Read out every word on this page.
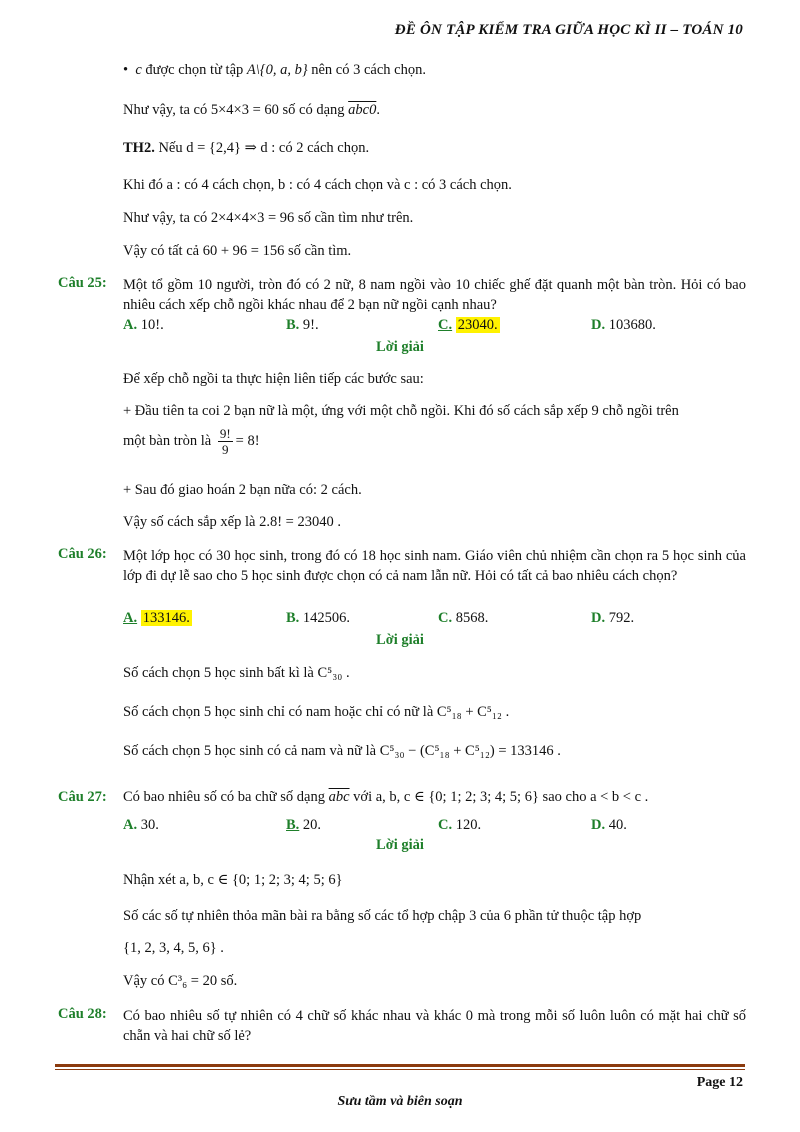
ĐỀ ÔN TẬP KIỂM TRA GIỮA HỌC KÌ II – TOÁN 10
•  c được chọn từ tập A\{0, a, b} nên có 3 cách chọn.
Như vậy, ta có 5×4×3 = 60 số có dạng abc0.
TH2. Nếu d = {2,4} ⇒ d : có 2 cách chọn.
Khi đó a : có 4 cách chọn, b : có 4 cách chọn và c : có 3 cách chọn.
Như vậy, ta có 2×4×4×3 = 96 số cần tìm như trên.
Vậy có tất cả 60 + 96 = 156 số cần tìm.
Câu 25: Một tổ gồm 10 người, tròn đó có 2 nữ, 8 nam ngồi vào 10 chiếc ghế đặt quanh một bàn tròn. Hỏi có bao nhiêu cách xếp chỗ ngồi khác nhau để 2 bạn nữ ngồi cạnh nhau?
A. 10!.	B. 9!.	C. 23040.	D. 103680.
Lời giải
Để xếp chỗ ngồi ta thực hiện liên tiếp các bước sau:
+ Đầu tiên ta coi 2 bạn nữ là một, ứng với một chỗ ngồi. Khi đó số cách sắp xếp 9 chỗ ngồi trên
một bàn tròn là $\frac{9!}{9} = 8$!
+ Sau đó giao hoán 2 bạn nữa có: 2 cách.
Vậy số cách sắp xếp là 2.8! = 23040 .
Câu 26: Một lớp học có 30 học sinh, trong đó có 18 học sinh nam. Giáo viên chủ nhiệm cần chọn ra 5 học sinh của lớp đi dự lễ sao cho 5 học sinh được chọn có cả nam lẫn nữ. Hỏi có tất cả bao nhiêu cách chọn?
A. 133146.	B. 142506.	C. 8568.	D. 792.
Lời giải
Số cách chọn 5 học sinh bất kì là C⁵₃₀ .
Số cách chọn 5 học sinh chỉ có nam hoặc chỉ có nữ là C⁵₁₈ + C⁵₁₂ .
Số cách chọn 5 học sinh có cả nam và nữ là C⁵₃₀ − (C⁵₁₈ + C⁵₁₂) = 133146 .
Câu 27: Có bao nhiêu số có ba chữ số dạng $\overline{abc}$ với a, b, c ∈ {0; 1; 2; 3; 4; 5; 6} sao cho a < b < c .
A. 30.	B. 20.	C. 120.	D. 40.
Lời giải
Nhận xét a, b, c ∈ {0; 1; 2; 3; 4; 5; 6}
Số các số tự nhiên thỏa mãn bài ra bằng số các tổ hợp chập 3 của 6 phần tử thuộc tập hợp
{1, 2, 3, 4, 5, 6} .
Vậy có C³₆ = 20 số.
Câu 28: Có bao nhiêu số tự nhiên có 4 chữ số khác nhau và khác 0 mà trong mỗi số luôn luôn có mặt hai chữ số chẵn và hai chữ số lẻ?
Page 12
Sưu tầm và biên soạn
